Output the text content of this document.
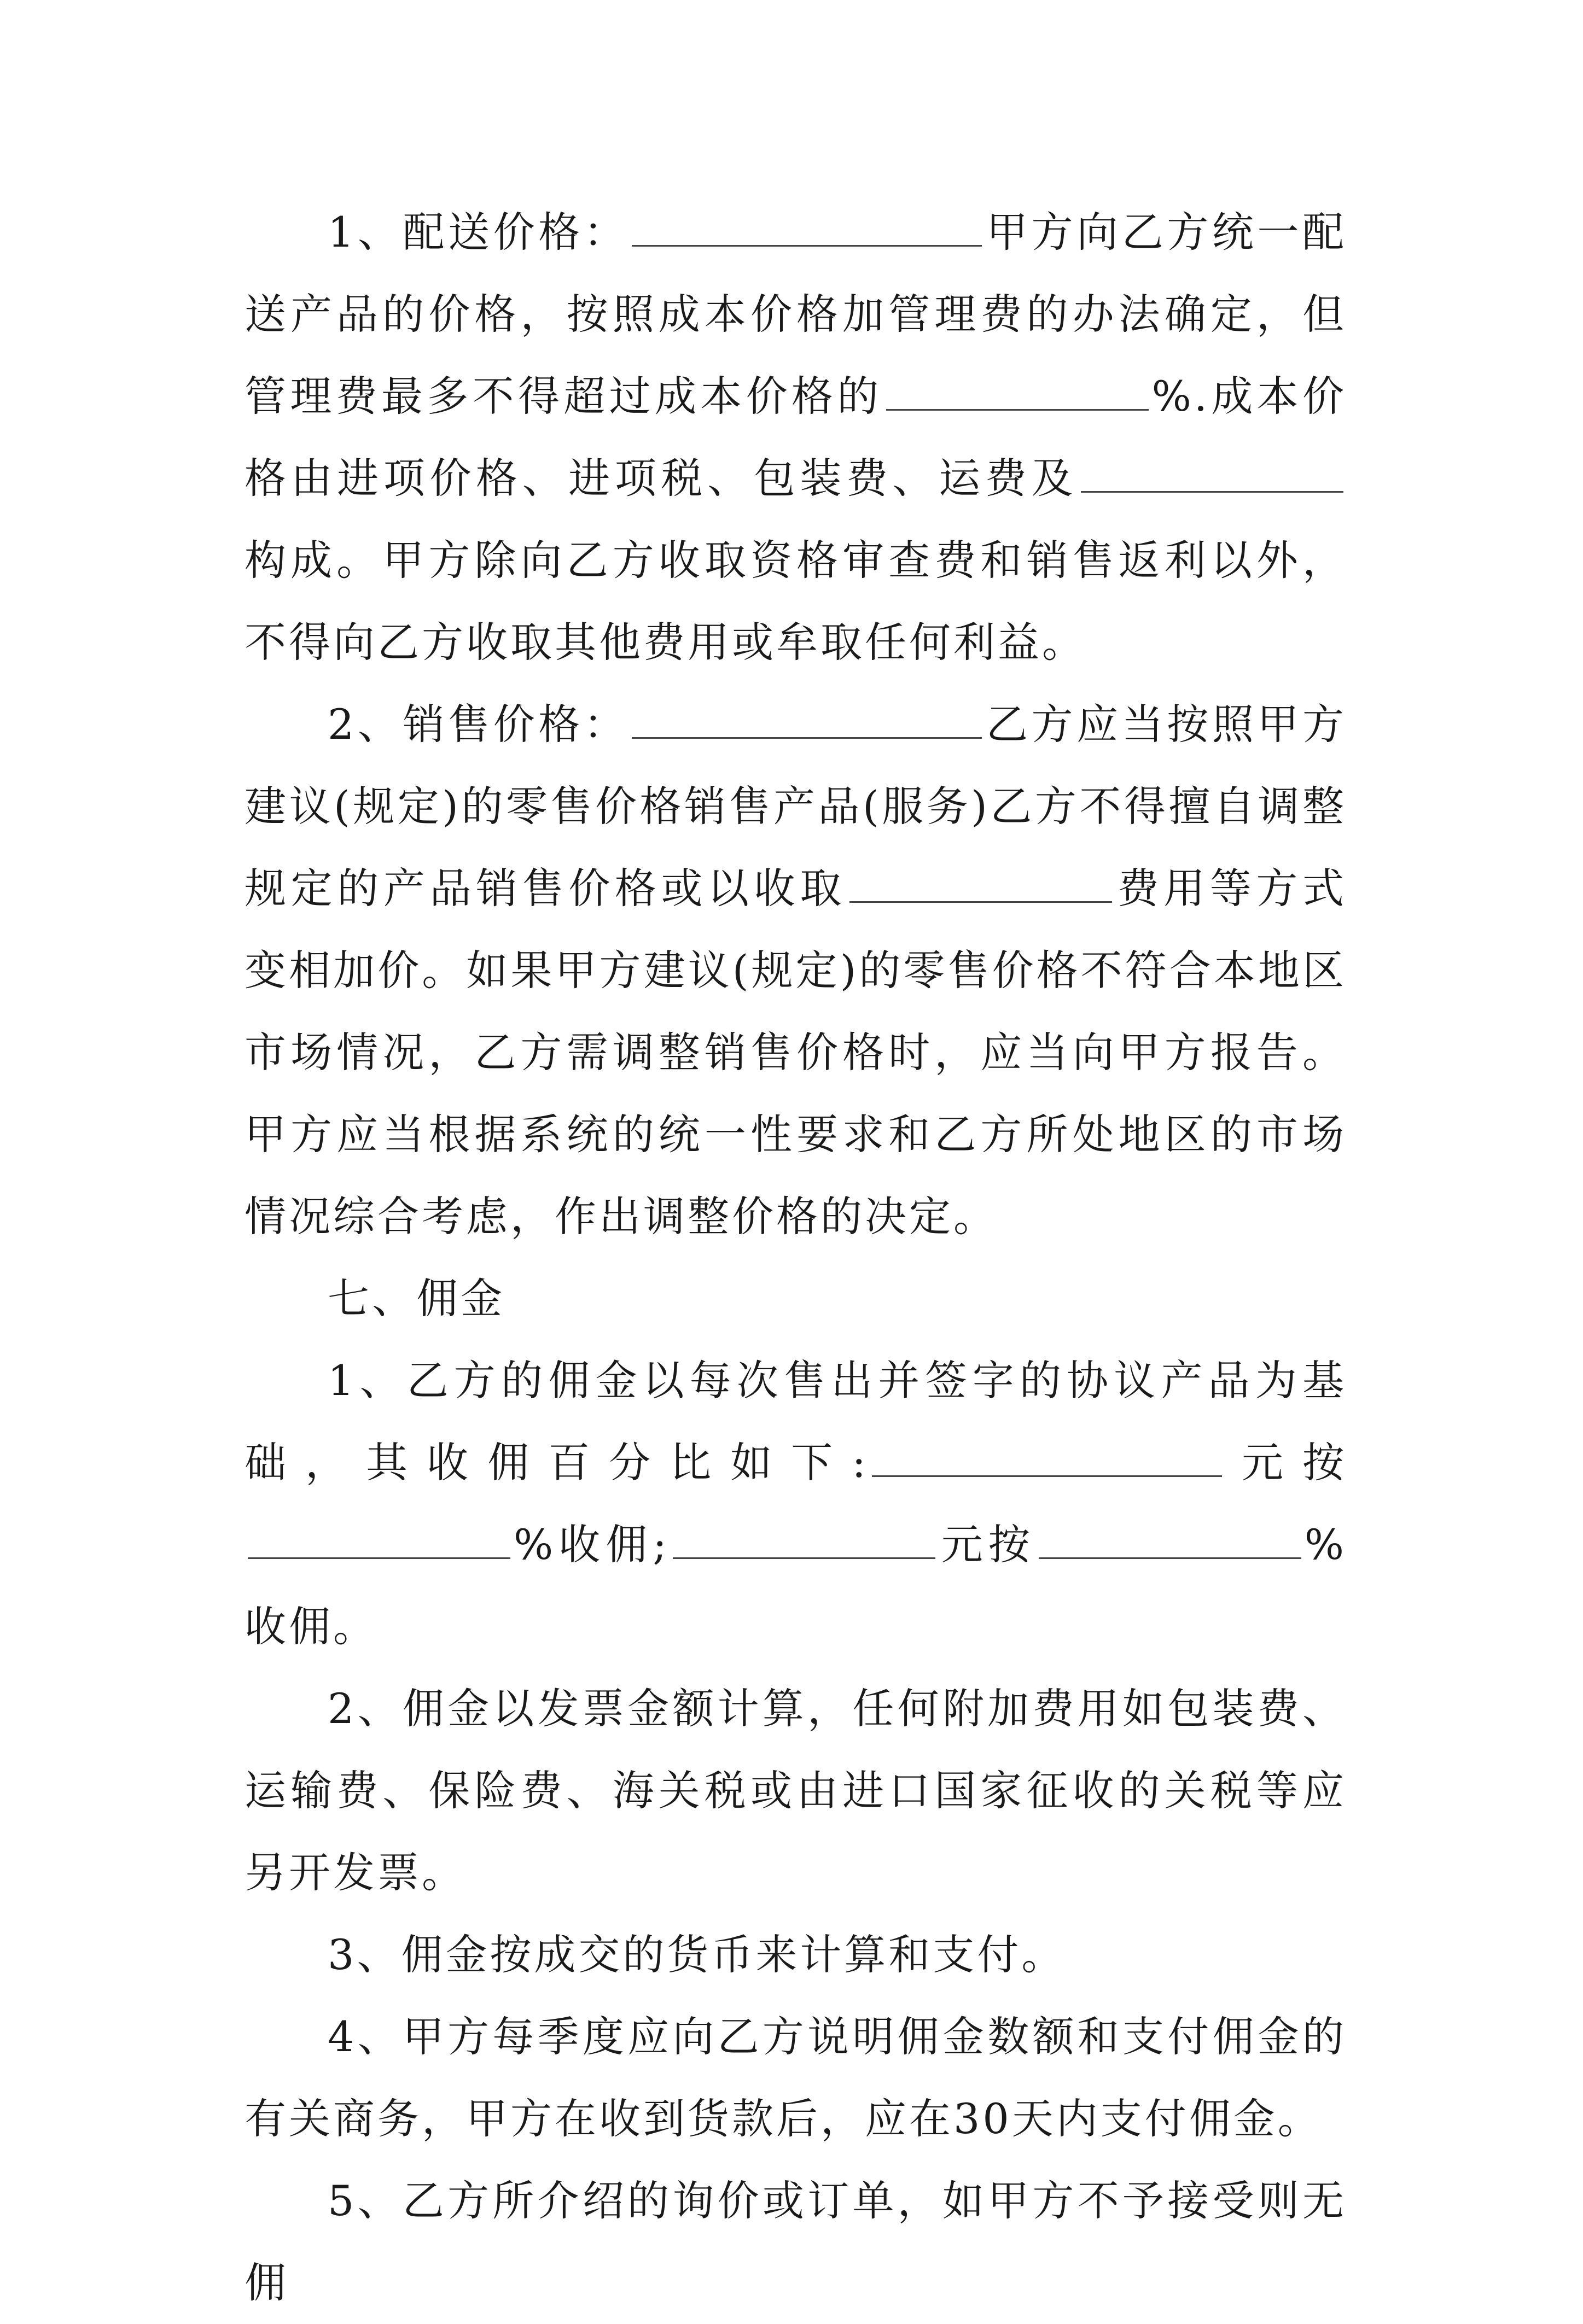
1、配送价格：	甲方向乙方统一配送产品的价格，按照成本价格加管理费的办法确定，但管理费最多不得超过成本价格的	%.成本价格由进项价格、进项税、包装费、运费及构成。甲方除向乙方收取资格审查费和销售返利以外，不得向乙方收取其他费用或牟取任何利益。

2、销售价格：	乙方应当按照甲方建议(规定)的零售价格销售产品(服务)乙方不得擅自调整规定的产品销售价格或以收取	费用等方式变相加价。如果甲方建议(规定)的零售价格不符合本地区市场情况，乙方需调整销售价格时，应当向甲方报告。甲方应当根据系统的统一性要求和乙方所处地区的市场情况综合考虑，作出调整价格的决定。

七、佣金

1、乙方的佣金以每次售出并签字的协议产品为基础，其收佣百分比如下:	元按%收佣;	元按	%收佣。

2、佣金以发票金额计算，任何附加费用如包装费、运输费、保险费、海关税或由进口国家征收的关税等应另开发票。

3、佣金按成交的货币来计算和支付。

4、甲方每季度应向乙方说明佣金数额和支付佣金的有关商务，甲方在收到货款后，应在30天内支付佣金。

5、乙方所介绍的询价或订单，如甲方不予接受则无佣
